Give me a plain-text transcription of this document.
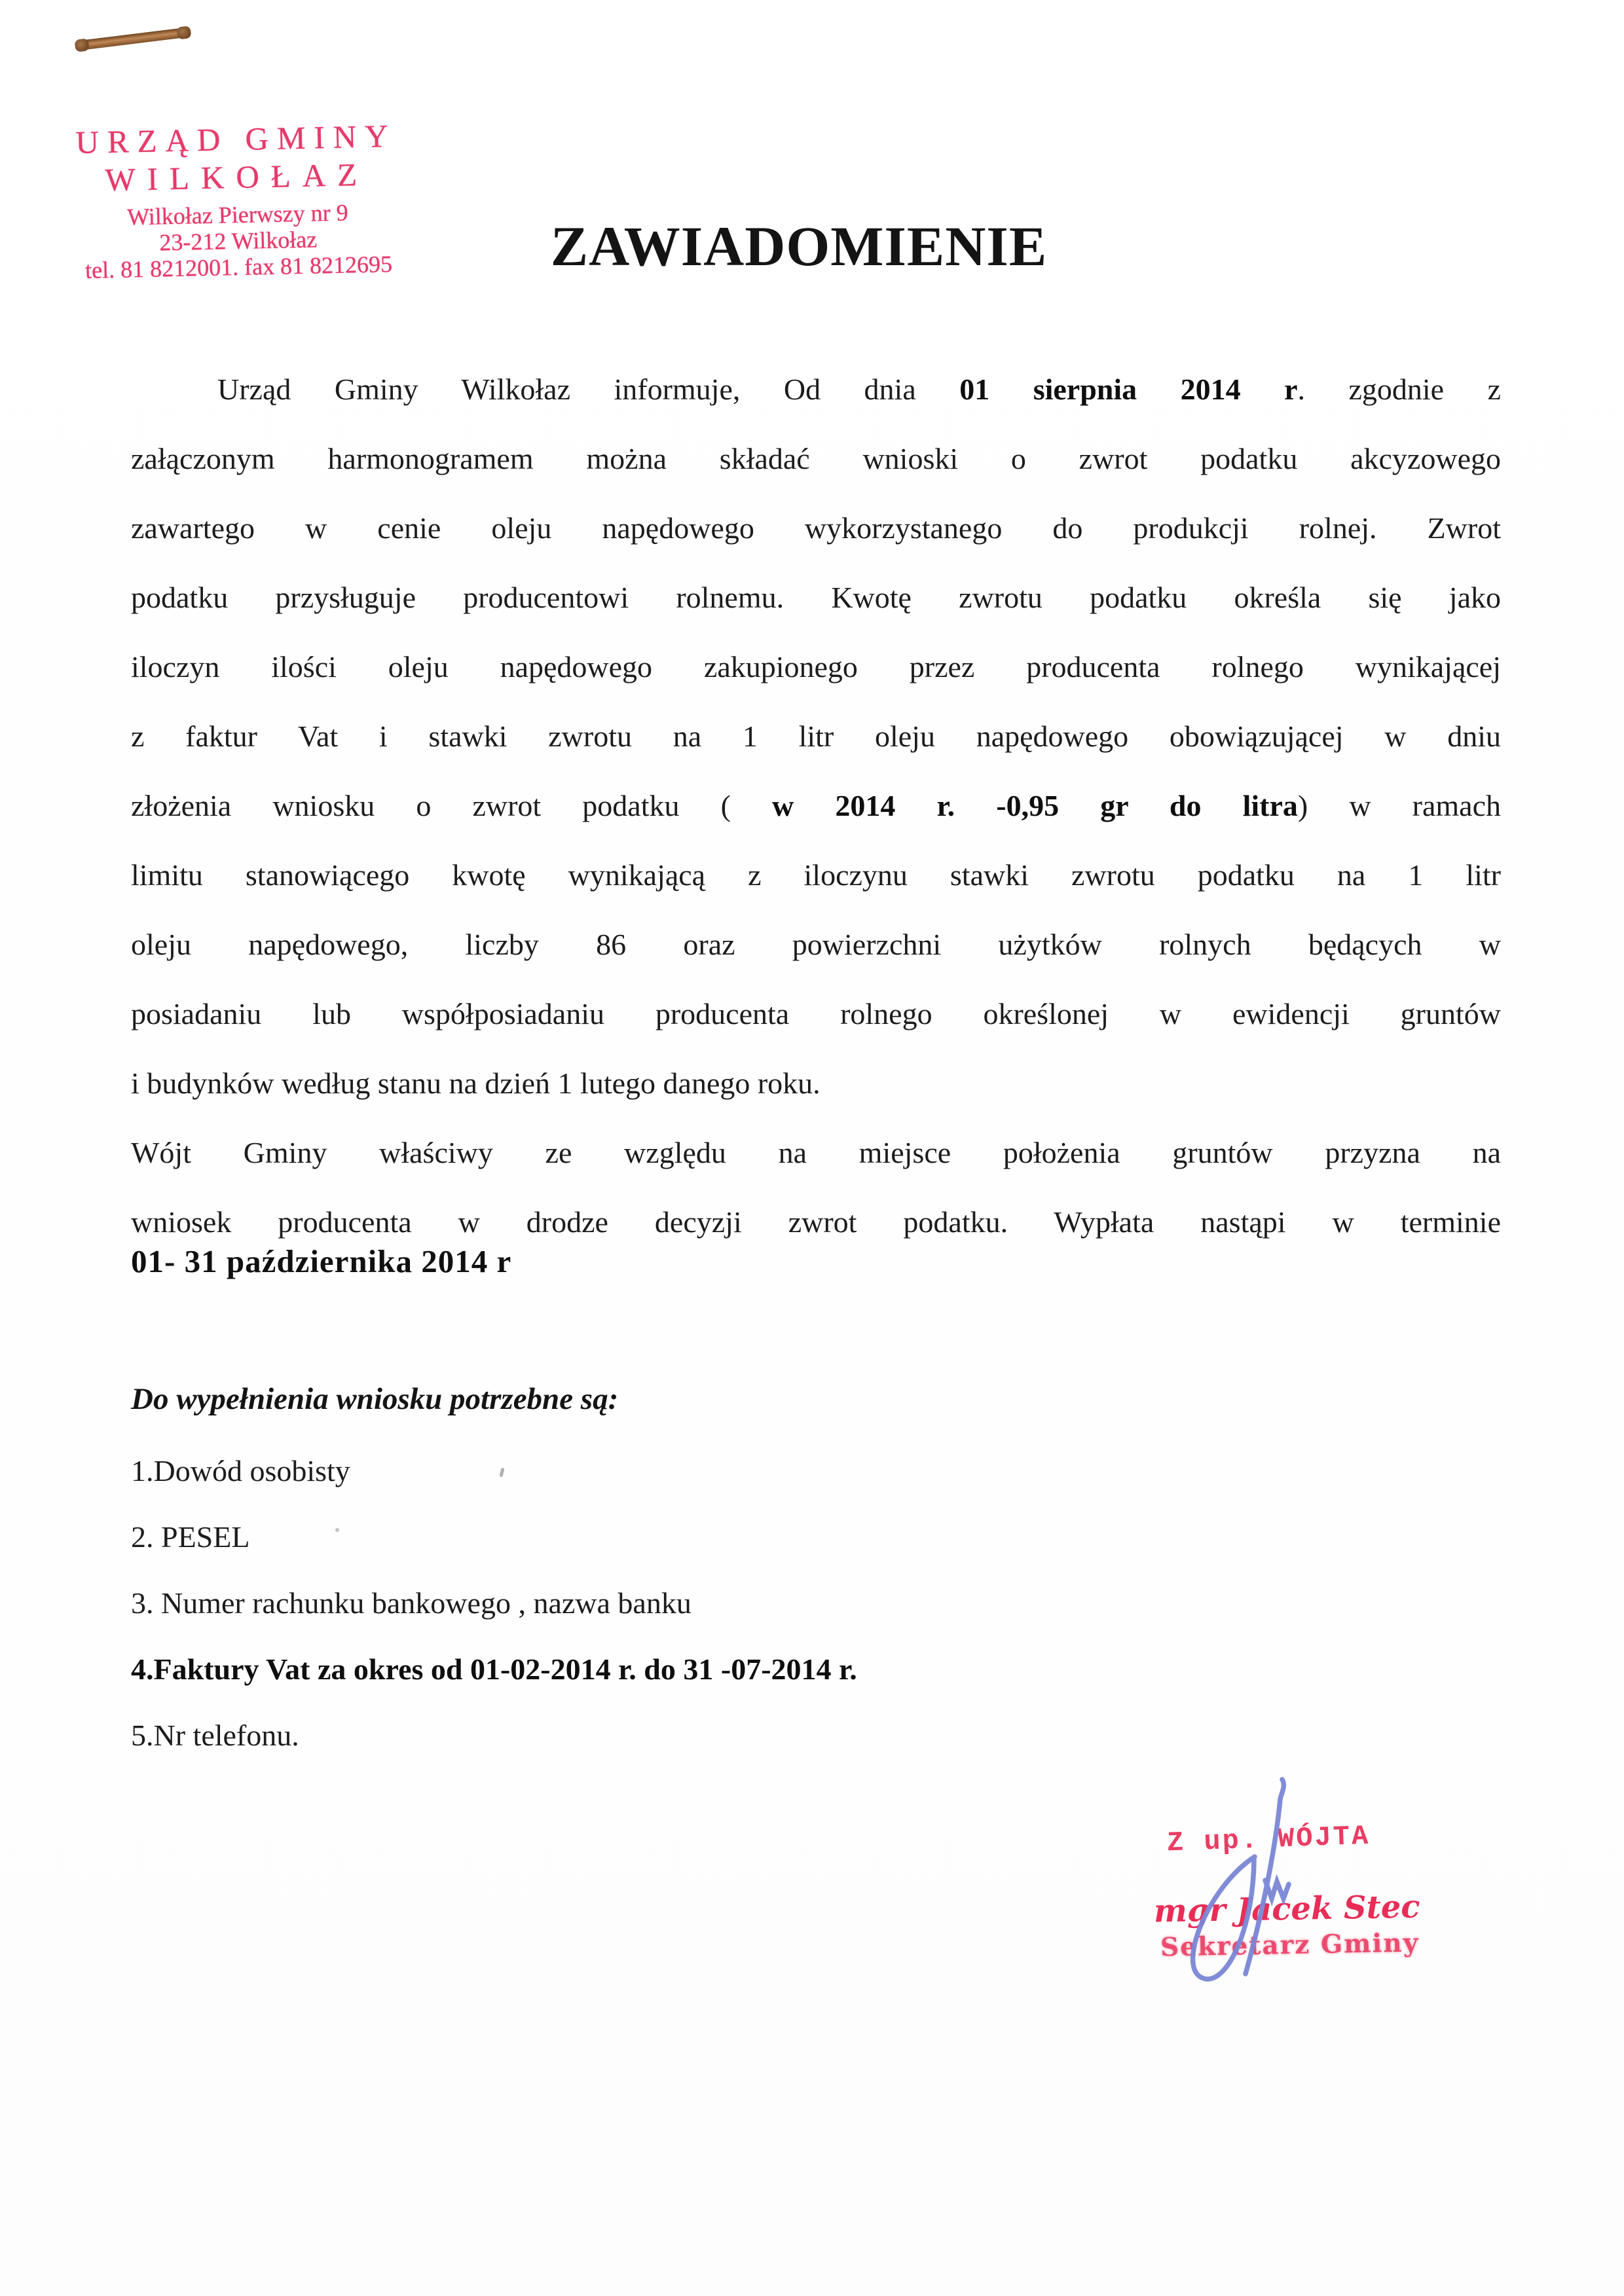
URZĄD GMINY
WILKOŁAZ
Wilkołaz Pierwszy nr 9
23-212 Wilkołaz
tel. 81 8212001. fax 81 8212695	ZAWIADOMIENIE
Urząd Gminy Wilkołaz informuje, Od dnia 01 sierpnia 2014 r. zgodnie z
załączonym harmonogramem można składać wnioski o zwrot podatku akcyzowego
zawartego w cenie oleju napędowego wykorzystanego do produkcji rolnej. Zwrot
podatku przysługuje producentowi rolnemu. Kwotę zwrotu podatku określa się jako
iloczyn ilości oleju napędowego zakupionego przez producenta rolnego wynikającej
z faktur Vat i stawki zwrotu na 1 litr oleju napędowego obowiązującej w dniu
złożenia wniosku o zwrot podatku ( w 2014 r. -0,95 gr do litra) w ramach
limitu stanowiącego kwotę wynikającą z iloczynu stawki zwrotu podatku na 1 litr
oleju napędowego, liczby 86 oraz powierzchni użytków rolnych będących w
posiadaniu lub współposiadaniu producenta rolnego określonej w ewidencji gruntów
i budynków według stanu na dzień 1 lutego danego roku.
Wójt Gminy właściwy ze względu na miejsce położenia gruntów przyzna na
wniosek producenta w drodze decyzji zwrot podatku. Wypłata nastąpi w terminie
01- 31 października 2014 r
Do wypełnienia wniosku potrzebne są:
1.Dowód osobisty
2. PESEL
3. Numer rachunku bankowego , nazwa banku
4.Faktury Vat za okres od 01-02-2014 r. do 31 -07-2014 r.
5.Nr telefonu.
Z up. WÓJTA
mgr Jacek Stec
Sekretarz Gminy
